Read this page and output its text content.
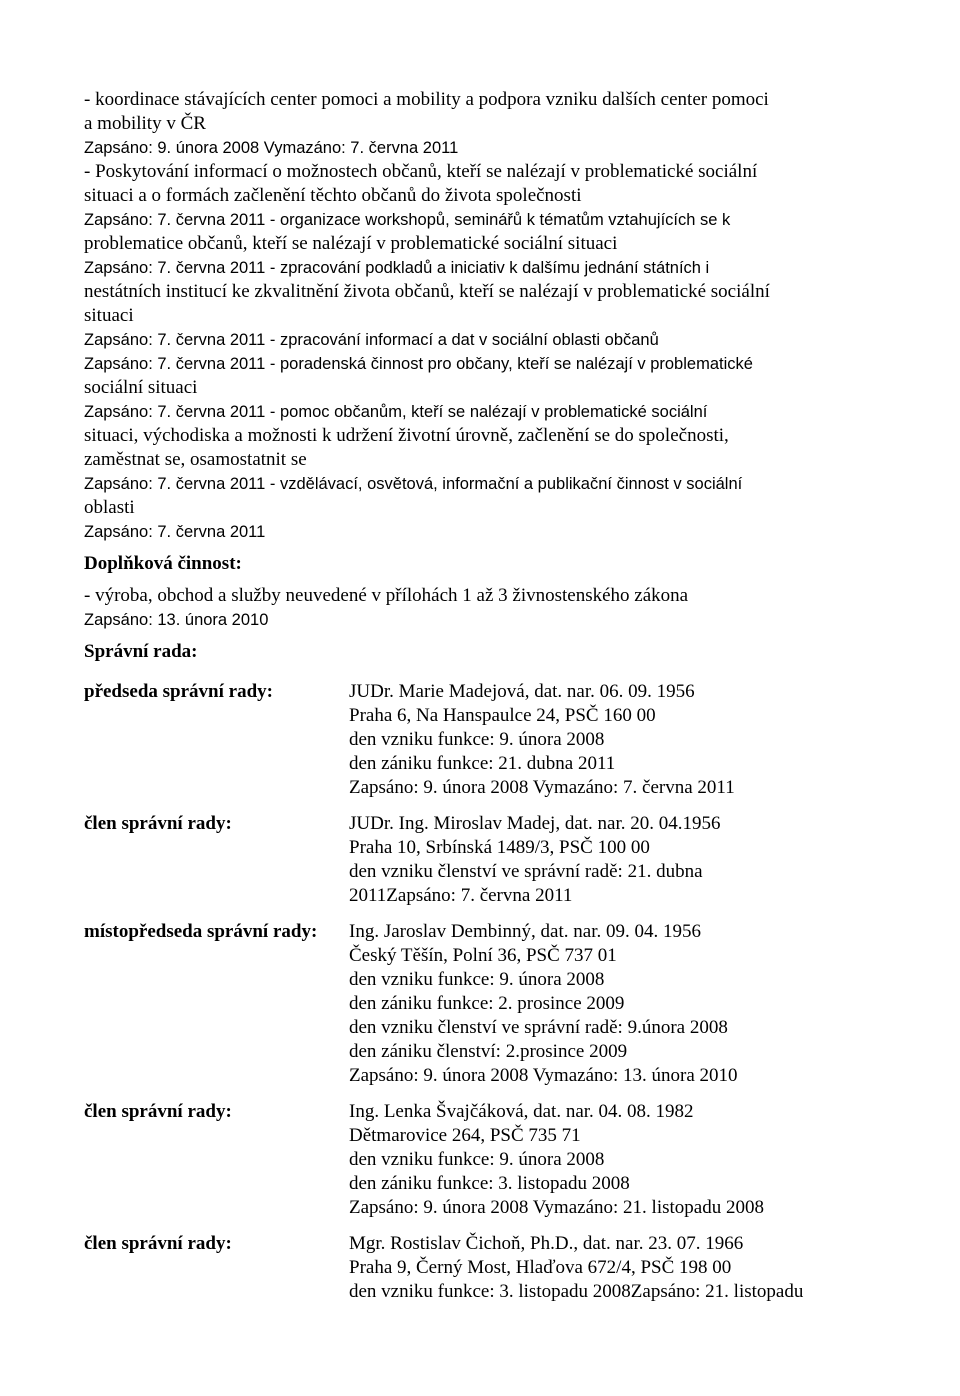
- koordinace stávajících center pomoci a mobility a podpora vzniku dalších center pomoci
a mobility v ČR
Zapsáno: 9. února 2008 Vymazáno: 7. června 2011
- Poskytování informací o možnostech občanů, kteří se nalézají v problematické sociální
situaci a o formách začlenění těchto občanů do života společnosti
Zapsáno: 7. června 2011 - organizace workshopů, seminářů k tématům vztahujících se k
problematice občanů, kteří se nalézají v problematické sociální situaci
Zapsáno: 7. června 2011 - zpracování podkladů a iniciativ k dalšímu jednání státních i
nestátních institucí ke zkvalitnění života občanů, kteří se nalézají v problematické sociální
situaci
Zapsáno: 7. června 2011 - zpracování informací a dat v sociální oblasti občanů
Zapsáno: 7. června 2011 - poradenská činnost pro občany, kteří se nalézají v problematické
sociální situaci
Zapsáno: 7. června 2011 - pomoc občanům, kteří se nalézají v problematické sociální
situaci, východiska a možnosti k udržení životní úrovně, začlenění se do společnosti,
zaměstnat se, osamostatnit se
Zapsáno: 7. června 2011 - vzdělávací, osvětová, informační a publikační činnost v sociální
oblasti
Zapsáno: 7. června 2011
Doplňková činnost:
- výroba, obchod a služby neuvedené v přílohách 1 až 3 živnostenského zákona
Zapsáno: 13. února 2010
Správní rada:
předseda správní rady:	JUDr. Marie Madejová, dat. nar. 06. 09. 1956
Praha 6, Na Hanspaulce 24, PSČ 160 00
den vzniku funkce: 9. února 2008
den zániku funkce: 21. dubna 2011
Zapsáno: 9. února 2008 Vymazáno: 7. června 2011
člen správní rady:	JUDr. Ing. Miroslav Madej, dat. nar. 20. 04.1956
Praha 10, Srbínská 1489/3, PSČ 100 00
den vzniku členství ve správní radě: 21. dubna
2011Zapsáno: 7. června 2011
místopředseda správní rady:	Ing. Jaroslav Dembinný, dat. nar. 09. 04. 1956
Český Těšín, Polní 36, PSČ 737 01
den vzniku funkce: 9. února 2008
den zániku funkce: 2. prosince 2009
den vzniku členství ve správní radě: 9.února 2008
den zániku členství: 2.prosince 2009
Zapsáno: 9. února 2008 Vymazáno: 13. února 2010
člen správní rady:	Ing. Lenka Švajčáková, dat. nar. 04. 08. 1982
Dětmarovice 264, PSČ 735 71
den vzniku funkce: 9. února 2008
den zániku funkce: 3. listopadu 2008
Zapsáno: 9. února 2008 Vymazáno: 21. listopadu 2008
člen správní rady:	Mgr. Rostislav Čichoň, Ph.D., dat. nar. 23. 07. 1966
Praha 9, Černý Most, Hlaďova 672/4, PSČ 198 00
den vzniku funkce: 3. listopadu 2008Zapsáno: 21. listopadu
